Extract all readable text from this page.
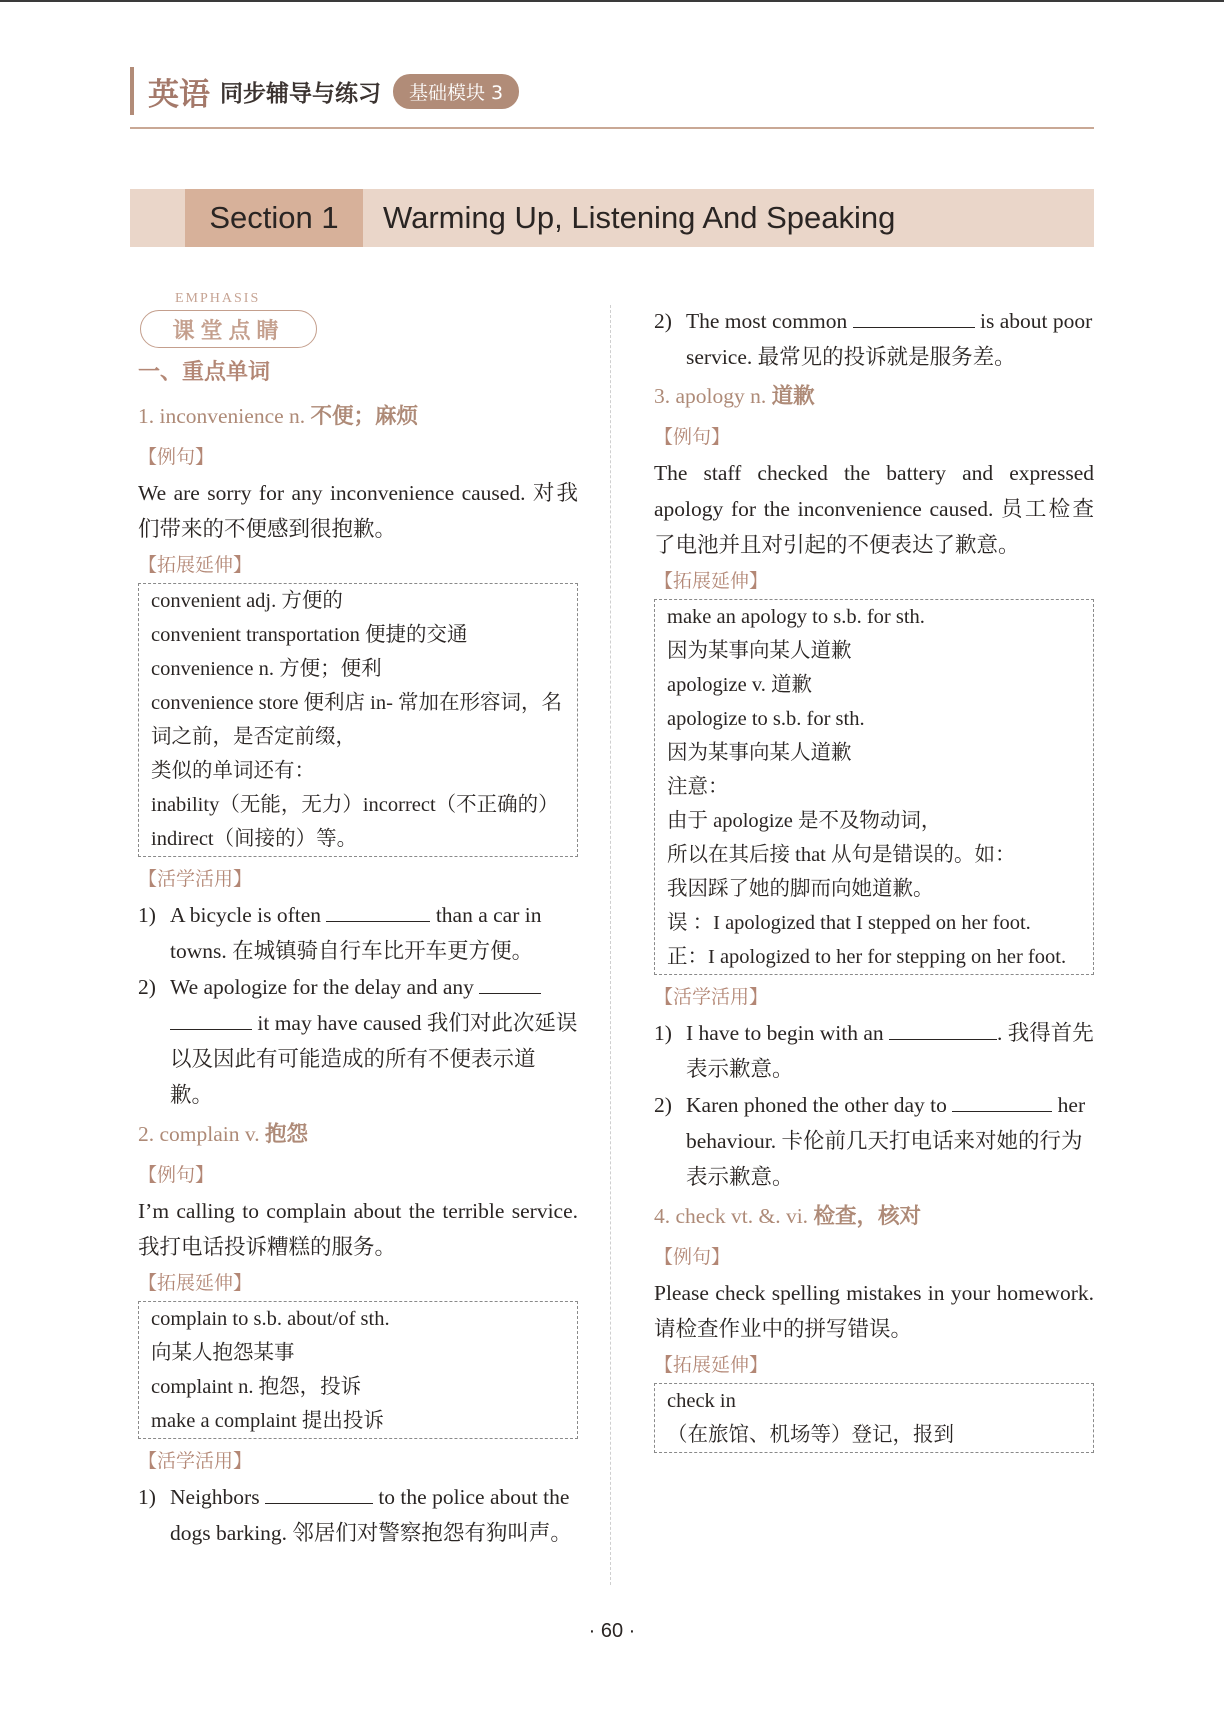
英语 同步辅导与练习	基础模块 3
Section 1	Warming Up, Listening And Speaking
EMPHASIS
课堂点睛
一、重点单词
1. inconvenience n. 不便；麻烦
【例句】

We are sorry for any inconvenience caused. 对我们带来的不便感到很抱歉。

【拓展延伸】
convenient adj. 方便的
convenient transportation 便捷的交通
convenience n. 方便；便利
convenience store 便利店 in- 常加在形容词，名词之前，是否定前缀，
类似的单词还有：
inability（无能，无力）incorrect（不正确的）indirect（间接的）等。
【活学活用】
1) A bicycle is often	than a car in towns. 在城镇骑自行车比开车更方便。
2) We apologize for the delay and any   it may have caused 我们对此次延误以及因此有可能造成的所有不便表示道歉。
2. complain v. 抱怨
【例句】

I’m calling to complain about the terrible service. 我打电话投诉糟糕的服务。

【拓展延伸】
complain to s.b. about/of sth.
向某人抱怨某事
complaint n. 抱怨，投诉
make a complaint 提出投诉
【活学活用】
1) Neighbors	to the police about the dogs barking. 邻居们对警察抱怨有狗叫声。
2) The most common	is about poor service. 最常见的投诉就是服务差。
3. apology n. 道歉
【例句】

The staff checked the battery and expressed apology for the inconvenience caused. 员工检查了电池并且对引起的不便表达了歉意。

【拓展延伸】
make an apology to s.b. for sth.
因为某事向某人道歉
apologize v. 道歉
apologize to s.b. for sth.
因为某事向某人道歉
注意：
由于 apologize 是不及物动词，
所以在其后接 that 从句是错误的。如：
我因踩了她的脚而向她道歉。
误 ：I apologized that I stepped on her foot.
正：I apologized to her for stepping on her foot.
【活学活用】
1) I have to begin with an	. 我得首先表示歉意。
2) Karen phoned the other day to	her behaviour. 卡伦前几天打电话来对她的行为表示歉意。
4. check vt. &. vi. 检查，核对
【例句】

Please check spelling mistakes in your homework. 请检查作业中的拼写错误。

【拓展延伸】
check in
（在旅馆、机场等）登记，报到
· 60 ·
